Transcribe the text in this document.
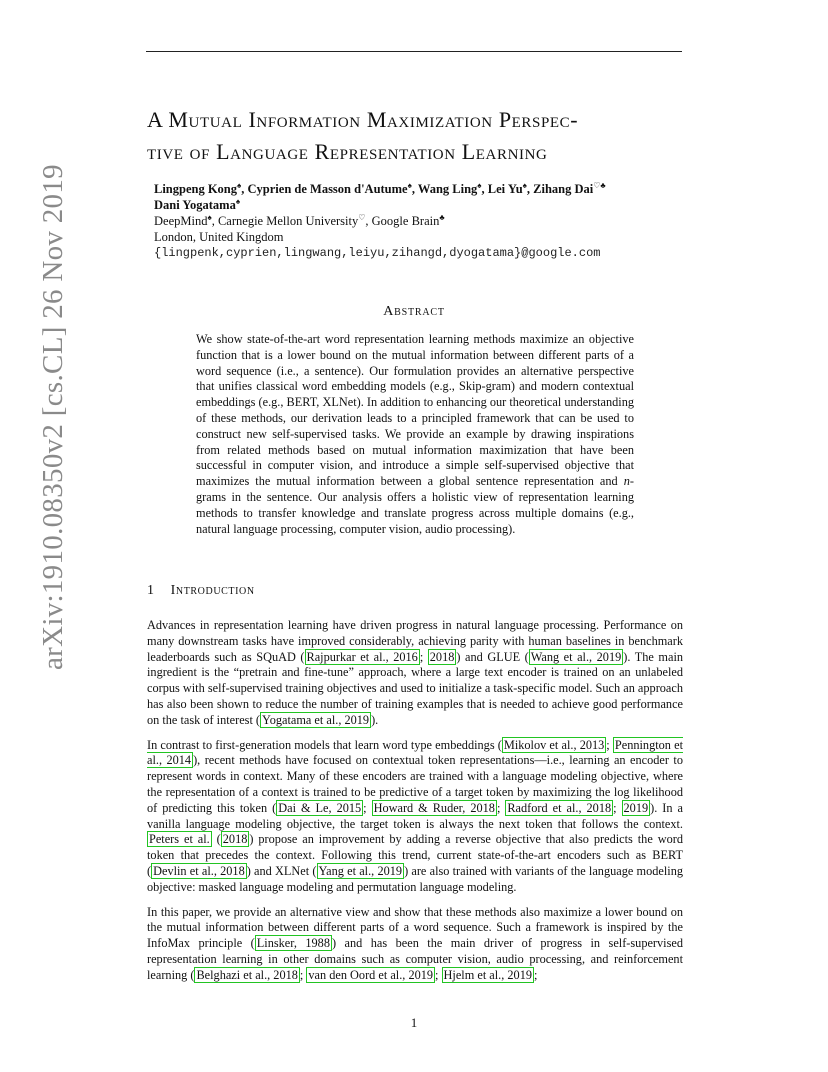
arXiv:1910.08350v2 [cs.CL] 26 Nov 2019
A Mutual Information Maximization Perspec-
tive of Language Representation Learning
Lingpeng Kong♠, Cyprien de Masson d'Autume♠, Wang Ling♠, Lei Yu♠, Zihang Dai♡♣
Dani Yogatama♠
DeepMind♠, Carnegie Mellon University♡, Google Brain♣
London, United Kingdom
{lingpenk,cyprien,lingwang,leiyu,zihangd,dyogatama}@google.com
Abstract
We show state-of-the-art word representation learning methods maximize an objective function that is a lower bound on the mutual information between different parts of a word sequence (i.e., a sentence). Our formulation provides an alternative perspective that unifies classical word embedding models (e.g., Skip-gram) and modern contextual embeddings (e.g., BERT, XLNet). In addition to enhancing our theoretical understanding of these methods, our derivation leads to a principled framework that can be used to construct new self-supervised tasks. We provide an example by drawing inspirations from related methods based on mutual information maximization that have been successful in computer vision, and introduce a simple self-supervised objective that maximizes the mutual information between a global sentence representation and n-grams in the sentence. Our analysis offers a holistic view of representation learning methods to transfer knowledge and translate progress across multiple domains (e.g., natural language processing, computer vision, audio processing).
1 Introduction

Advances in representation learning have driven progress in natural language processing. Performance on many downstream tasks have improved considerably, achieving parity with human baselines in benchmark leaderboards such as SQuAD ( Rajpurkar et al., 2016 ; 2018 ) and GLUE ( Wang et al., 2019 ). The main ingredient is the “pretrain and fine-tune” approach, where a large text encoder is trained on an unlabeled corpus with self-supervised training objectives and used to initialize a task-specific model. Such an approach has also been shown to reduce the number of training examples that is needed to achieve good performance on the task of interest ( Yogatama et al., 2019 ).

In contrast to first-generation models that learn word type embeddings ( Mikolov et al., 2013 ; Pennington et al., 2014 ), recent methods have focused on contextual token representations—i.e., learning an encoder to represent words in context. Many of these encoders are trained with a language modeling objective, where the representation of a context is trained to be predictive of a target token by maximizing the log likelihood of predicting this token ( Dai & Le, 2015 ; Howard & Ruder, 2018 ; Radford et al., 2018 ; 2019 ). In a vanilla language modeling objective, the target token is always the next token that follows the context. Peters et al. ( 2018 ) propose an improvement by adding a reverse objective that also predicts the word token that precedes the context. Following this trend, current state-of-the-art encoders such as BERT ( Devlin et al., 2018 ) and XLNet ( Yang et al., 2019 ) are also trained with variants of the language modeling objective: masked language modeling and permutation language modeling.

In this paper, we provide an alternative view and show that these methods also maximize a lower bound on the mutual information between different parts of a word sequence. Such a framework is inspired by the InfoMax principle ( Linsker, 1988 ) and has been the main driver of progress in self-supervised representation learning in other domains such as computer vision, audio processing, and reinforcement learning ( Belghazi et al., 2018 ; van den Oord et al., 2019 ; Hjelm et al., 2019 ;

1
